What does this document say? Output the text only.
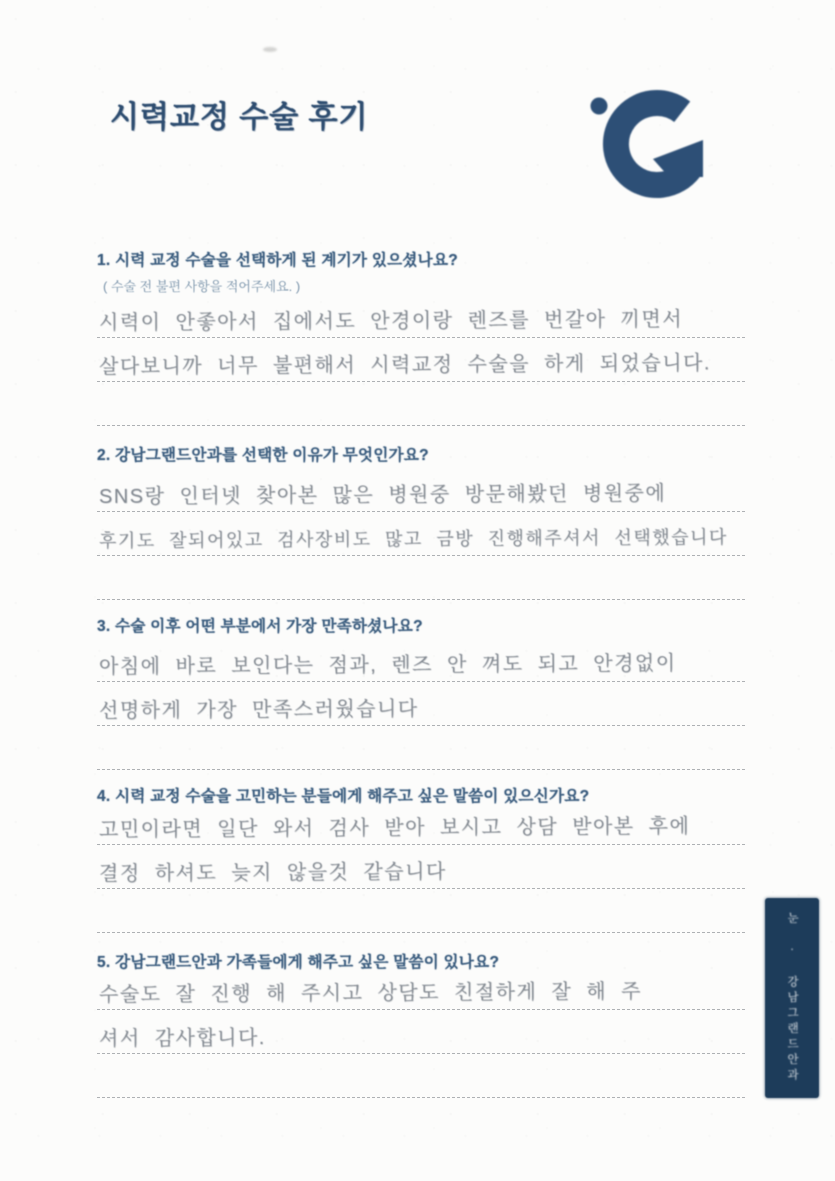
시력교정 수술 후기
1. 시력 교정 수술을 선택하게 된 계기가 있으셨나요?

( 수술 전 불편 사항을 적어주세요. )

시력이 안좋아서 집에서도 안경이랑 렌즈를 번갈아 끼면서
살다보니까 너무 불편해서 시력교정 수술을 하게 되었습니다.
2. 강남그랜드안과를 선택한 이유가 무엇인가요?
SNS랑 인터넷 찾아본 많은 병원중 방문해봤던 병원중에
후기도 잘되어있고 검사장비도 많고 금방 진행해주셔서 선택했습니다
3. 수술 이후 어떤 부분에서 가장 만족하셨나요?
아침에 바로 보인다는 점과, 렌즈 안 껴도 되고 안경없이
선명하게 가장 만족스러웠습니다
4. 시력 교정 수술을 고민하는 분들에게 해주고 싶은 말씀이 있으신가요?
고민이라면 일단 와서 검사 받아 보시고 상담 받아본 후에
결정 하셔도 늦지 않을것 같습니다
5. 강남그랜드안과 가족들에게 해주고 싶은 말씀이 있나요?
수술도 잘 진행 해 주시고 상담도 친절하게 잘 해 주
셔서 감사합니다.	눈 · 강남그랜드안과
